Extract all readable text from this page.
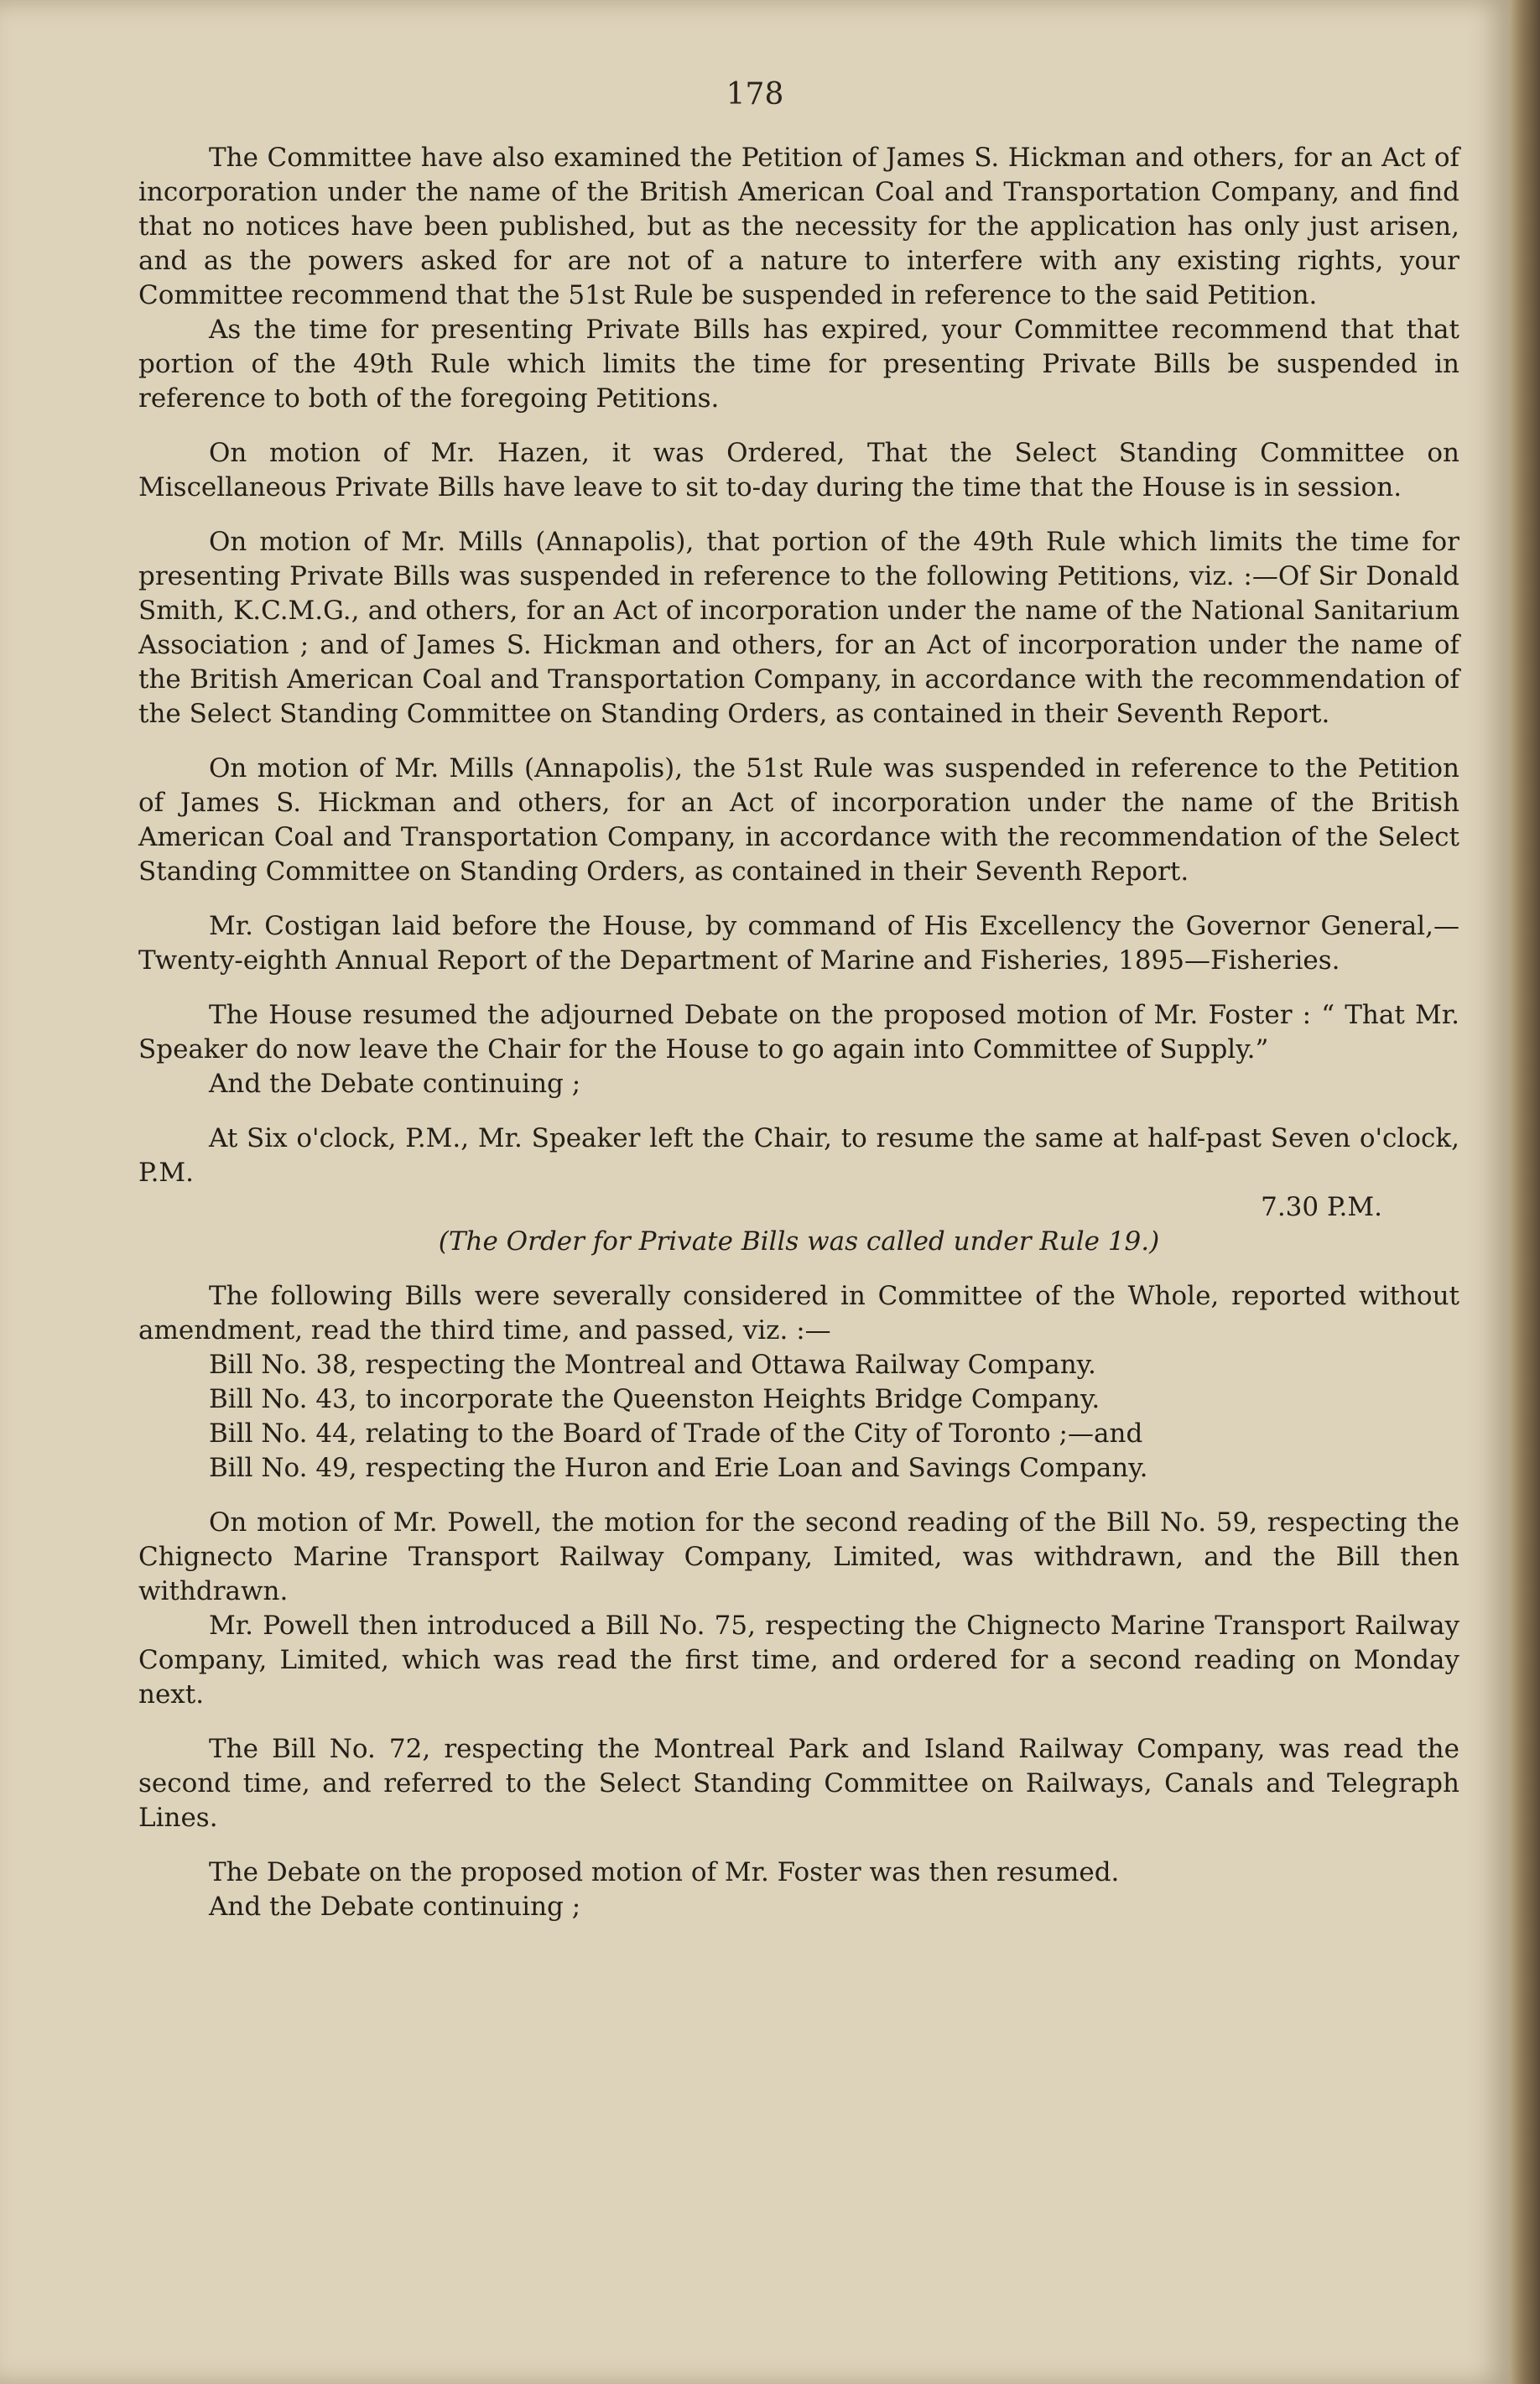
178

The Committee have also examined the Petition of James S. Hickman and others, for an Act of incorporation under the name of the British American Coal and Transportation Company, and find that no notices have been published, but as the necessity for the application has only just arisen, and as the powers asked for are not of a nature to interfere with any existing rights, your Committee recommend that the 51st Rule be suspended in reference to the said Petition.

As the time for presenting Private Bills has expired, your Committee recommend that that portion of the 49th Rule which limits the time for presenting Private Bills be suspended in reference to both of the foregoing Petitions.

On motion of Mr. Hazen, it was Ordered, That the Select Standing Committee on Miscellaneous Private Bills have leave to sit to-day during the time that the House is in session.

On motion of Mr. Mills (Annapolis), that portion of the 49th Rule which limits the time for presenting Private Bills was suspended in reference to the following Petitions, viz. :—Of Sir Donald Smith, K.C.M.G., and others, for an Act of incorporation under the name of the National Sanitarium Association ; and of James S. Hickman and others, for an Act of incorporation under the name of the British American Coal and Transportation Company, in accordance with the recommendation of the Select Standing Committee on Standing Orders, as contained in their Seventh Report.

On motion of Mr. Mills (Annapolis), the 51st Rule was suspended in reference to the Petition of James S. Hickman and others, for an Act of incorporation under the name of the British American Coal and Transportation Company, in accordance with the recommendation of the Select Standing Committee on Standing Orders, as contained in their Seventh Report.

Mr. Costigan laid before the House, by command of His Excellency the Governor General,—Twenty-eighth Annual Report of the Department of Marine and Fisheries, 1895—Fisheries.

The House resumed the adjourned Debate on the proposed motion of Mr. Foster : “ That Mr. Speaker do now leave the Chair for the House to go again into Committee of Supply.”

And the Debate continuing ;

At Six o'clock, P.M., Mr. Speaker left the Chair, to resume the same at half-past Seven o'clock, P.M.

7.30 P.M.

(The Order for Private Bills was called under Rule 19.)

The following Bills were severally considered in Committee of the Whole, reported without amendment, read the third time, and passed, viz. :—

Bill No. 38, respecting the Montreal and Ottawa Railway Company.
Bill No. 43, to incorporate the Queenston Heights Bridge Company.
Bill No. 44, relating to the Board of Trade of the City of Toronto ;—and
Bill No. 49, respecting the Huron and Erie Loan and Savings Company.

On motion of Mr. Powell, the motion for the second reading of the Bill No. 59, respecting the Chignecto Marine Transport Railway Company, Limited, was withdrawn, and the Bill then withdrawn.

Mr. Powell then introduced a Bill No. 75, respecting the Chignecto Marine Transport Railway Company, Limited, which was read the first time, and ordered for a second reading on Monday next.

The Bill No. 72, respecting the Montreal Park and Island Railway Company, was read the second time, and referred to the Select Standing Committee on Railways, Canals and Telegraph Lines.

The Debate on the proposed motion of Mr. Foster was then resumed.

And the Debate continuing ;
